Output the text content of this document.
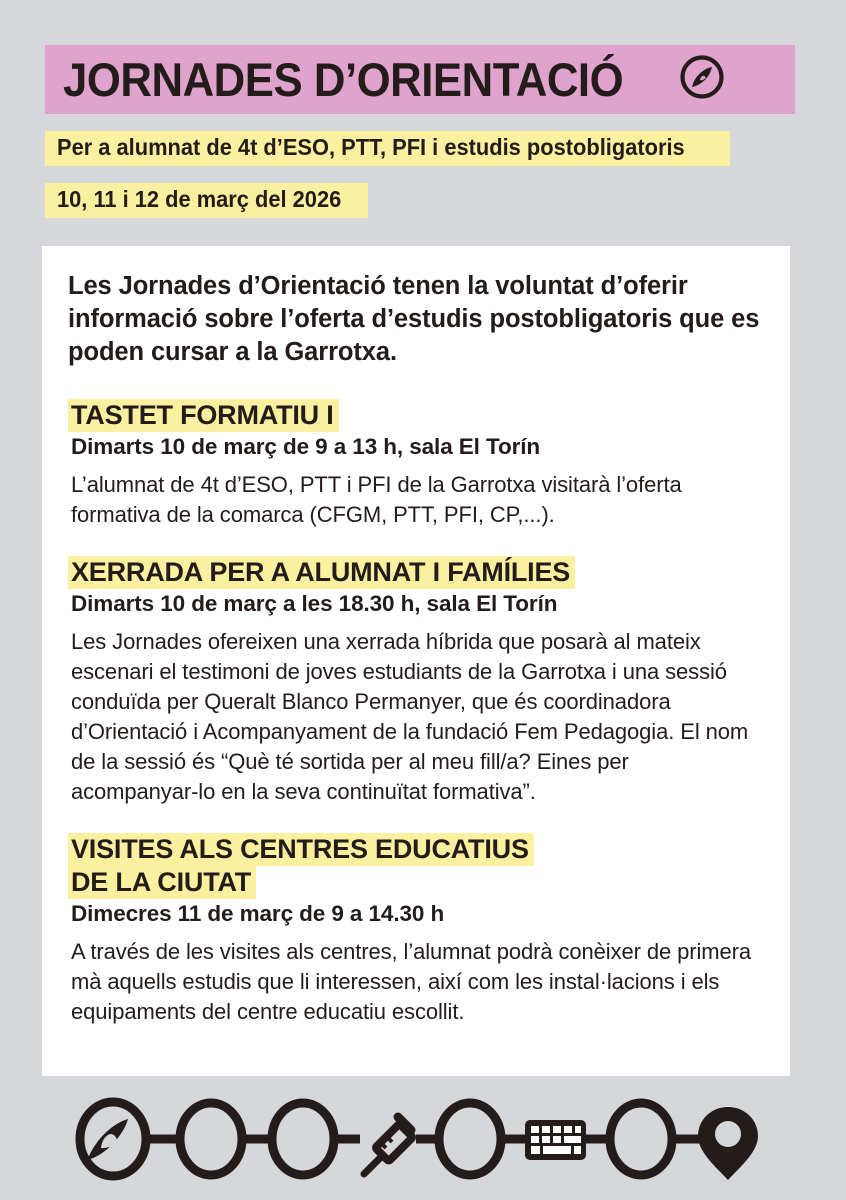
JORNADES D’ORIENTACIÓ
Per a alumnat de 4t d’ESO, PTT, PFI i estudis postobligatoris
10, 11 i 12 de març del 2026

Les Jornades d’Orientació tenen la voluntat d’oferir informació sobre l’oferta d’estudis postobligatoris que es poden cursar a la Garrotxa.

TASTET FORMATIU I
Dimarts 10 de març de 9 a 13 h, sala El Torín

L’alumnat de 4t d’ESO, PTT i PFI de la Garrotxa visitarà l’oferta formativa de la comarca (CFGM, PTT, PFI, CP,...).

XERRADA PER A ALUMNAT I FAMÍLIES
Dimarts 10 de març a les 18.30 h, sala El Torín

Les Jornades ofereixen una xerrada híbrida que posarà al mateix escenari el testimoni de joves estudiants de la Garrotxa i una sessió conduïda per Queralt Blanco Permanyer, que és coordinadora d’Orientació i Acompanyament de la fundació Fem Pedagogia. El nom de la sessió és “Què té sortida per al meu fill/a? Eines per acompanyar-lo en la seva continuïtat formativa”.

VISITES ALS CENTRES EDUCATIUS
DE LA CIUTAT
Dimecres 11 de març de 9 a 14.30 h

A través de les visites als centres, l’alumnat podrà conèixer de primera mà aquells estudis que li interessen, així com les instal·lacions i els equipaments del centre educatiu escollit.
